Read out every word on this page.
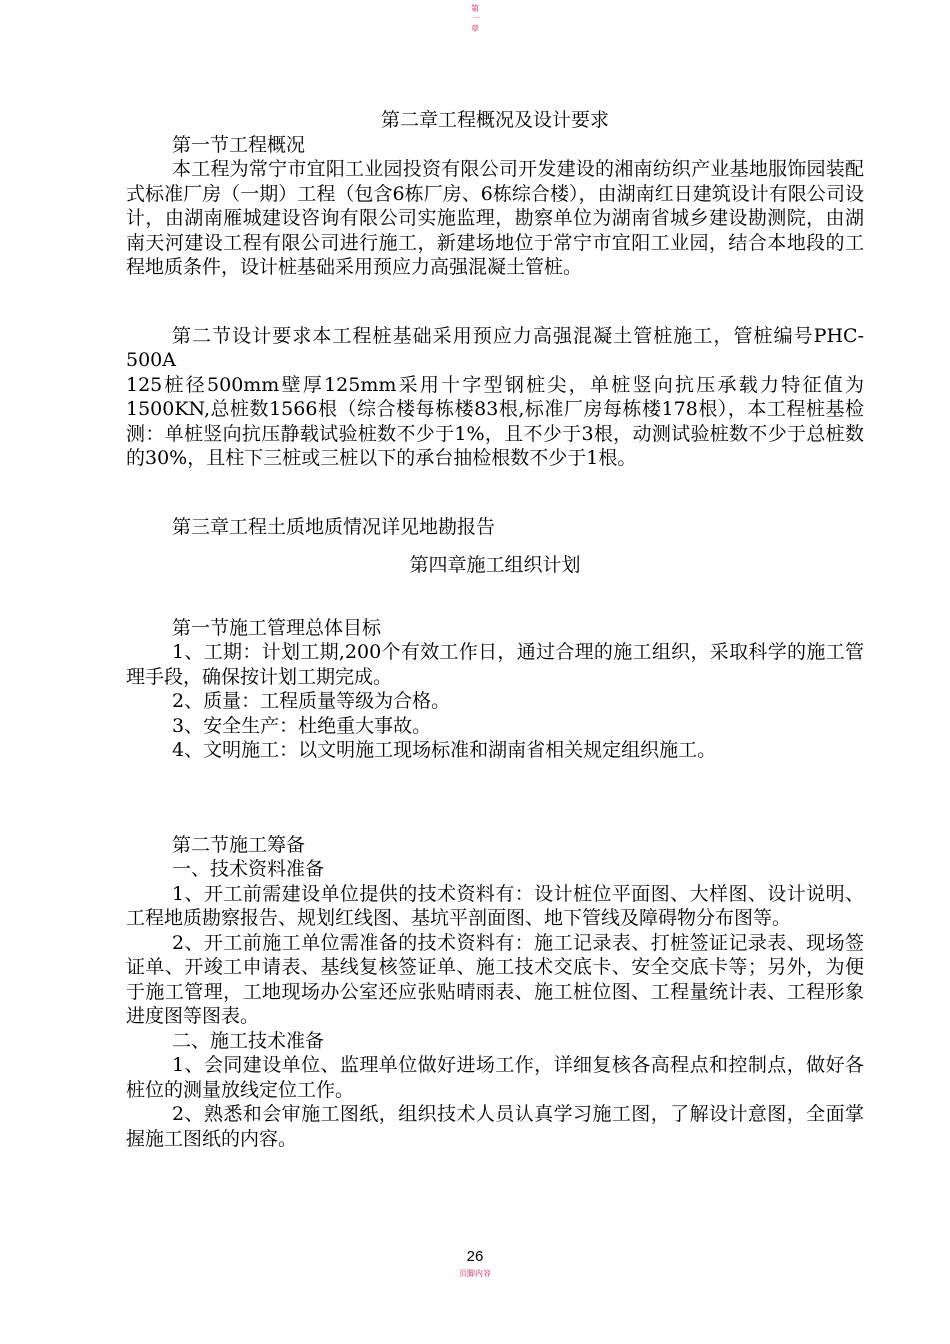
第
一
章

第二章工程概况及设计要求

第一节工程概况

本工程为常宁市宜阳工业园投资有限公司开发建设的湘南纺织产业基地服饰园装配式标准厂房（一期）工程（包含6栋厂房、6栋综合楼），由湖南红日建筑设计有限公司设计，由湖南雁城建设咨询有限公司实施监理，勘察单位为湖南省城乡建设勘测院，由湖南天河建设工程有限公司进行施工，新建场地位于常宁市宜阳工业园，结合本地段的工程地质条件，设计桩基础采用预应力高强混凝土管桩。

第二节设计要求本工程桩基础采用预应力高强混凝土管桩施工，管桩编号PHC-500A

125桩径500mm壁厚125mm采用十字型钢桩尖，单桩竖向抗压承载力特征值为1500KN,总桩数1566根（综合楼每栋楼83根,标准厂房每栋楼178根），本工程桩基检测：单桩竖向抗压静载试验桩数不少于1%，且不少于3根，动测试验桩数不少于总桩数的30%，且柱下三桩或三桩以下的承台抽检根数不少于1根。

第三章工程土质地质情况详见地勘报告

第四章施工组织计划

第一节施工管理总体目标

1、工期：计划工期,200个有效工作日，通过合理的施工组织，采取科学的施工管理手段，确保按计划工期完成。

2、质量：工程质量等级为合格。

3、安全生产：杜绝重大事故。

4、文明施工：以文明施工现场标准和湖南省相关规定组织施工。

第二节施工筹备

一、技术资料准备

1、开工前需建设单位提供的技术资料有：设计桩位平面图、大样图、设计说明、工程地质勘察报告、规划红线图、基坑平剖面图、地下管线及障碍物分布图等。

2、开工前施工单位需准备的技术资料有：施工记录表、打桩签证记录表、现场签证单、开竣工申请表、基线复核签证单、施工技术交底卡、安全交底卡等；另外，为便于施工管理，工地现场办公室还应张贴晴雨表、施工桩位图、工程量统计表、工程形象进度图等图表。

二、施工技术准备

1、会同建设单位、监理单位做好进场工作，详细复核各高程点和控制点，做好各桩位的测量放线定位工作。

2、熟悉和会审施工图纸，组织技术人员认真学习施工图，了解设计意图，全面掌握施工图纸的内容。

26
页脚内容
